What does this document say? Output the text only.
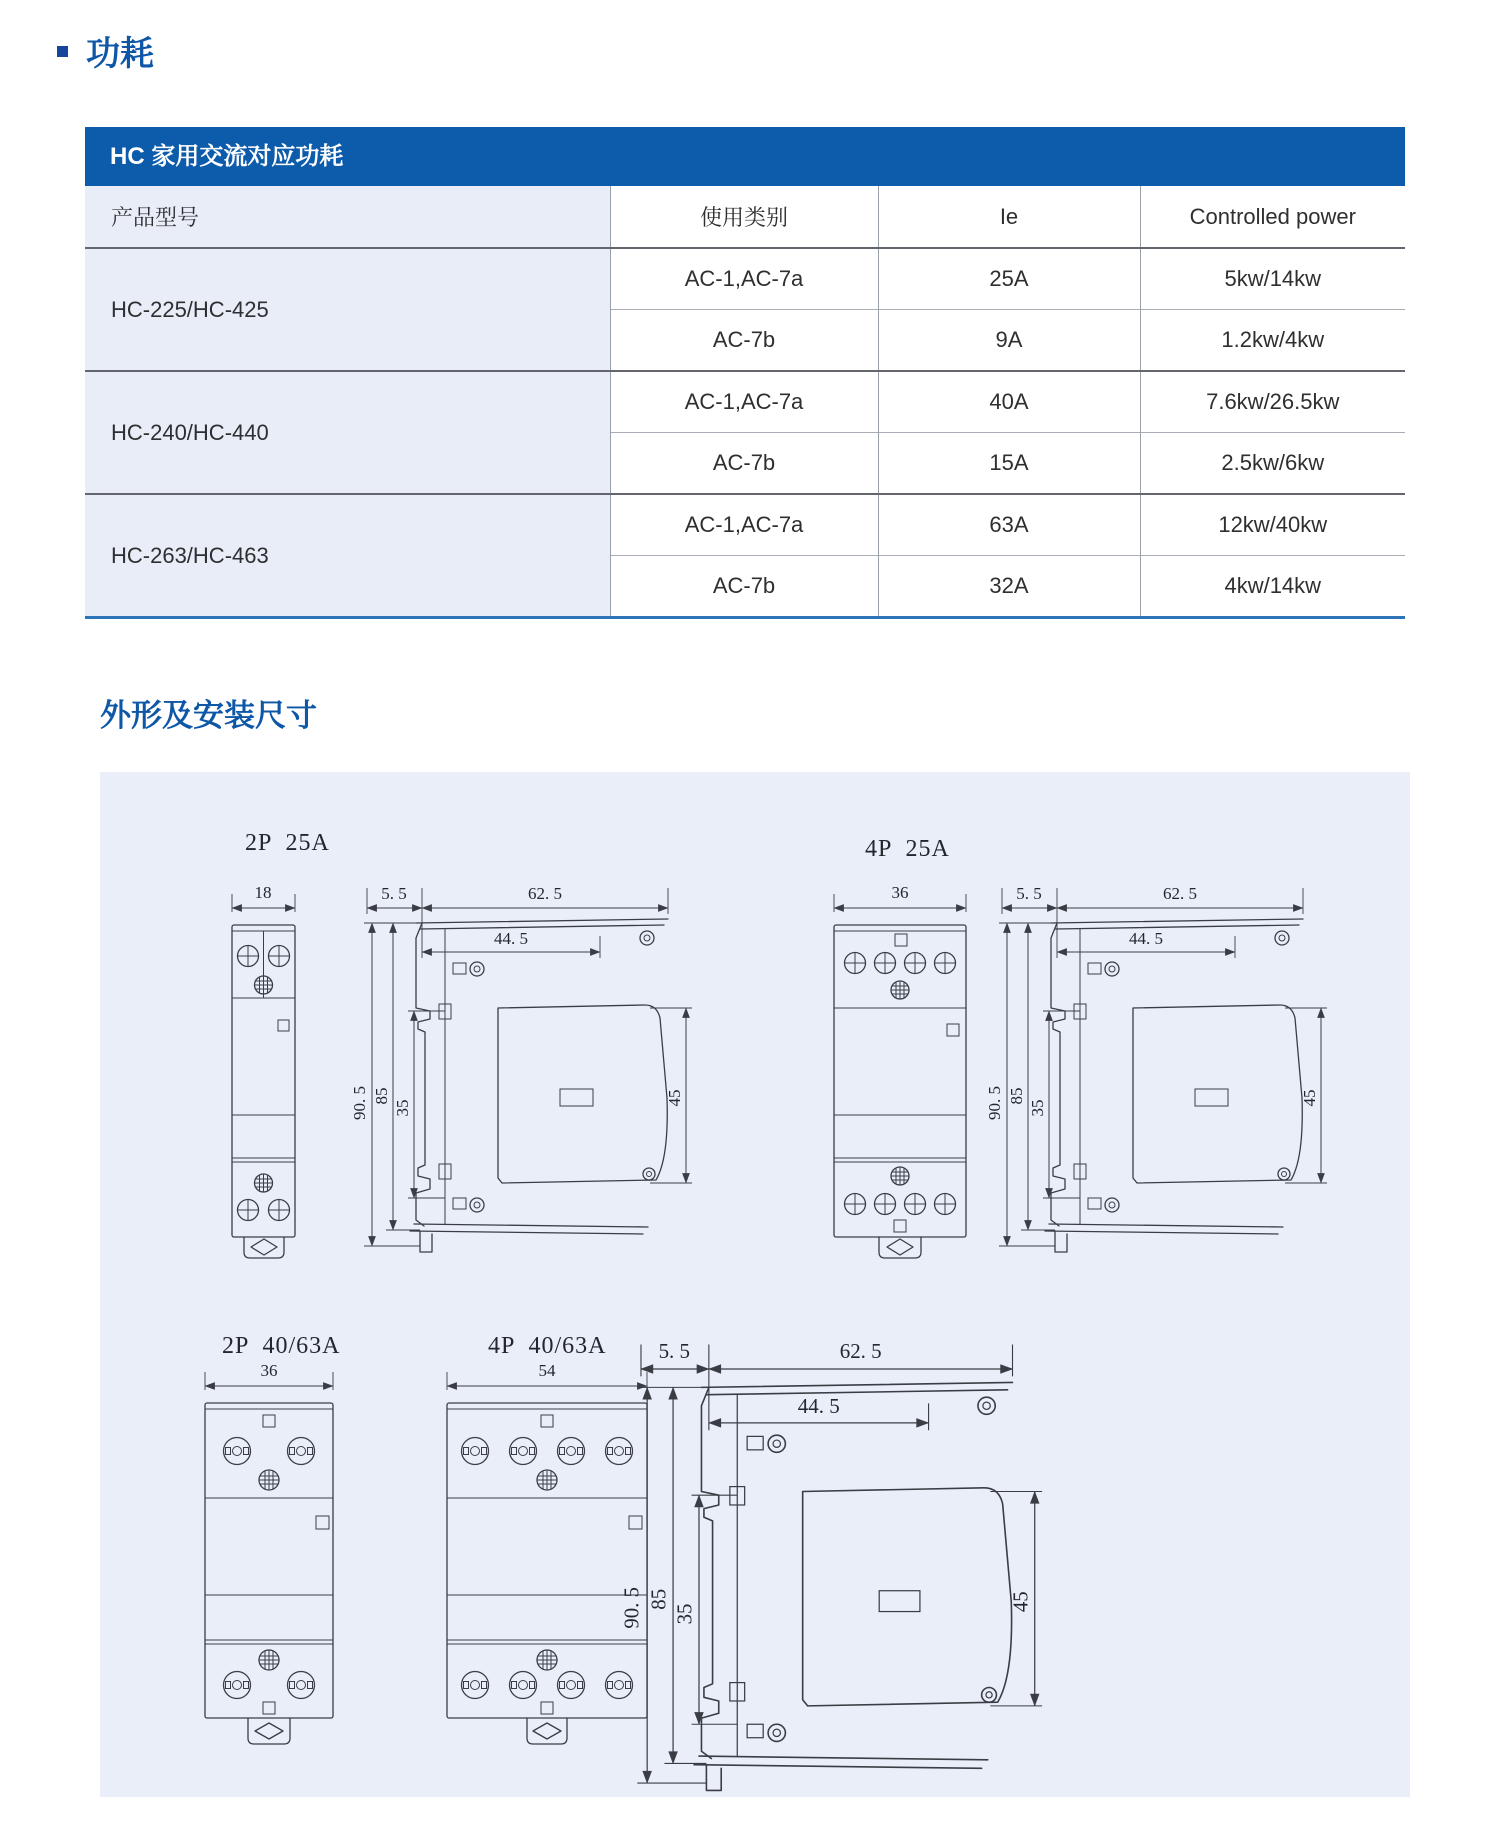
功耗
HC 家用交流对应功耗
产品型号	使用类别	Ie	Controlled power
HC-225/HC-425	AC-1,AC-7a	25A	5kw/14kw
	AC-7b	9A	1.2kw/4kw
HC-240/HC-440	AC-1,AC-7a	40A	7.6kw/26.5kw
	AC-7b	15A	2.5kw/6kw
HC-263/HC-463	AC-1,AC-7a	63A	12kw/40kw
	AC-7b	32A	4kw/14kw
外形及安装尺寸
2P  25A	4P  25A
2P  40/63A	4P  40/63A
18	5. 5	62. 5
44. 5
90. 5 85
35
45
36	5. 5	62. 5
44. 5
90. 5 85
35
45
36	54
5. 5	62. 5
44. 5
90. 5 85
35
45
